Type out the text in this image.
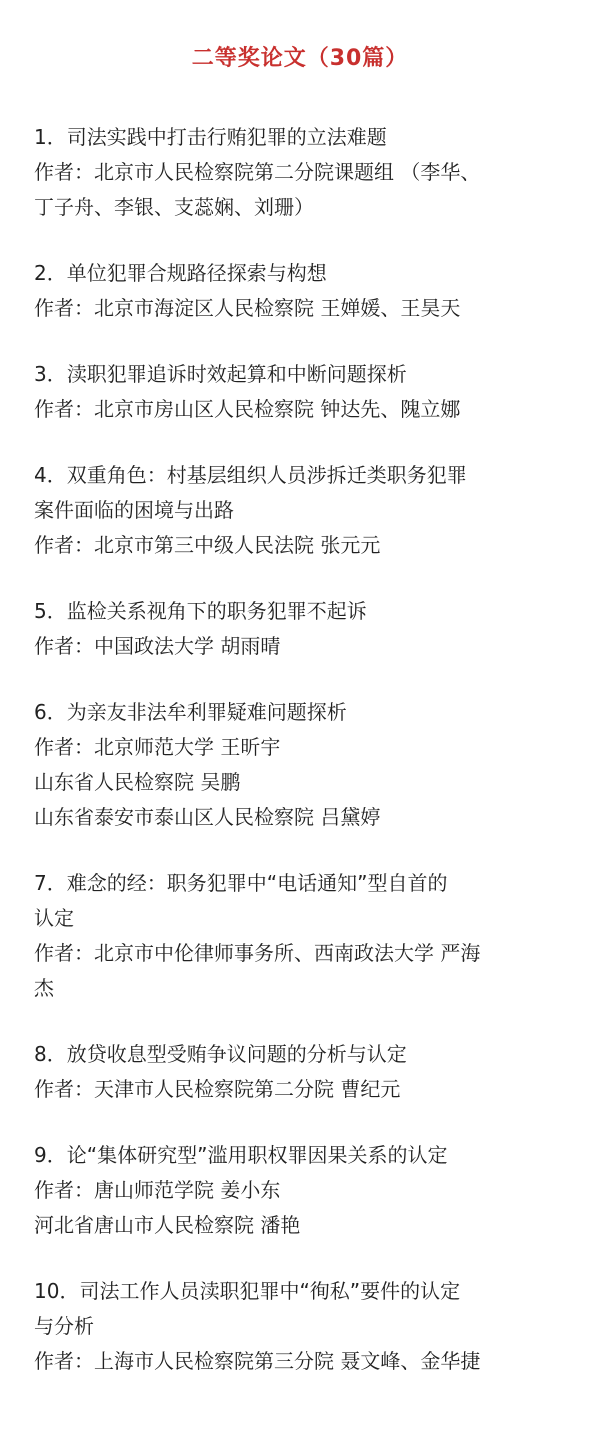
二等奖论文（30篇）

1．司法实践中打击行贿犯罪的立法难题

作者：北京市人民检察院第二分院课题组 （李华、

丁子舟、李银、支蕊娴、刘珊）

2．单位犯罪合规路径探索与构想

作者：北京市海淀区人民检察院 王婵媛、王昊天

3．渎职犯罪追诉时效起算和中断问题探析

作者：北京市房山区人民检察院 钟达先、隗立娜

4．双重角色：村基层组织人员涉拆迁类职务犯罪

案件面临的困境与出路

作者：北京市第三中级人民法院 张元元

5．监检关系视角下的职务犯罪不起诉

作者：中国政法大学 胡雨晴

6．为亲友非法牟利罪疑难问题探析

作者：北京师范大学 王昕宇

山东省人民检察院 吴鹏

山东省泰安市泰山区人民检察院 吕黛婷

7．难念的经：职务犯罪中“电话通知”型自首的

认定

作者：北京市中伦律师事务所、西南政法大学 严海

杰

8．放贷收息型受贿争议问题的分析与认定

作者：天津市人民检察院第二分院 曹纪元

9．论“集体研究型”滥用职权罪因果关系的认定

作者：唐山师范学院 姜小东

河北省唐山市人民检察院 潘艳

10．司法工作人员渎职犯罪中“徇私”要件的认定

与分析

作者：上海市人民检察院第三分院 聂文峰、金华捷
